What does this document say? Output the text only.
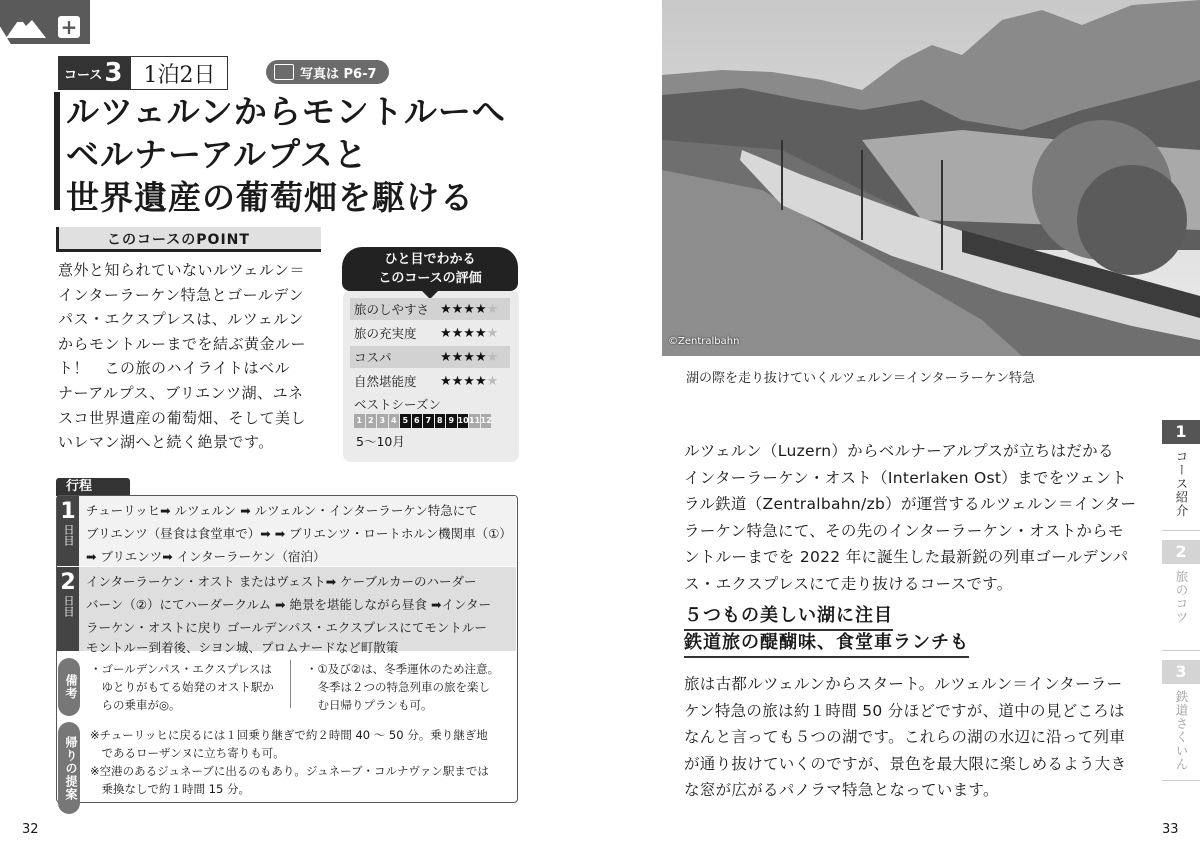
+
コース 3 1泊2日	写真は P6-7
ルツェルンからモントルーへ
ベルナーアルプスと
世界遺産の葡萄畑を駆ける
このコースのPOINT
意外と知られていないルツェルン＝
インターラーケン特急とゴールデン
パス・エクスプレスは、ルツェルン
からモントルーまでを結ぶ黄金ルー
ト！　この旅のハイライトはベル
ナーアルプス、ブリエンツ湖、ユネ
スコ世界遺産の葡萄畑、そして美し
いレマン湖へと続く絶景です。
ひと目でわかる
このコースの評価
旅のしやすさ ★★★★★
旅の充実度	★★★★★
コスパ	★★★★★
自然堪能度	★★★★★
ベストシーズン
1 2 3 4 5 6 7 8 9 10 11 12
5～10月
行程
1
日目
チューリッヒ➡ ルツェルン ➡ ルツェルン・インターラーケン特急にて
ブリエンツ（昼食は食堂車で）➡ ➡ ブリエンツ・ロートホルン機関車（①）
➡ ブリエンツ➡ インターラーケン（宿泊）
2
日目
インターラーケン・オスト またはヴェスト➡ ケーブルカーのハーダー
バーン（②）にてハーダークルム ➡ 絶景を堪能しながら昼食 ➡インター
ラーケン・オストに戻り ゴールデンパス・エクスプレスにてモントルー
モントルー到着後、シヨン城、プロムナードなど町散策
備考
・ゴールデンパス・エクスプレスは
　ゆとりがもてる始発のオスト駅か
　らの乗車が◎。
・①及び②は、冬季運休のため注意。
　冬季は２つの特急列車の旅を楽し
　む日帰りプランも可。
帰りの提案
※チューリッヒに戻るには１回乗り継ぎで約２時間 40 ～ 50 分。乗り継ぎ地
　であるローザンヌに立ち寄りも可。
※空港のあるジュネーブに出るのもあり。ジュネーブ・コルナヴァン駅までは
　乗換なしで約１時間 15 分。
32
©Zentralbahn
湖の際を走り抜けていくルツェルン＝インターラーケン特急
ルツェルン（Luzern）からベルナーアルプスが立ちはだかる
インターラーケン・オスト（Interlaken Ost）までをツェント
ラル鉄道（Zentralbahn/zb）が運営するルツェルン＝インター
ラーケン特急にて、その先のインターラーケン・オストからモ
ントルーまでを 2022 年に誕生した最新鋭の列車ゴールデンパ
ス・エクスプレスにて走り抜けるコースです。
５つもの美しい湖に注目
鉄道旅の醍醐味、食堂車ランチも
旅は古都ルツェルンからスタート。ルツェルン＝インターラー
ケン特急の旅は約１時間 50 分ほどですが、道中の見どころは
なんと言っても５つの湖です。これらの湖の水辺に沿って列車
が通り抜けていくのですが、景色を最大限に楽しめるよう大き
な窓が広がるパノラマ特急となっています。
1
コース紹介
2
旅のコツ
3
鉄道さくいん
33
